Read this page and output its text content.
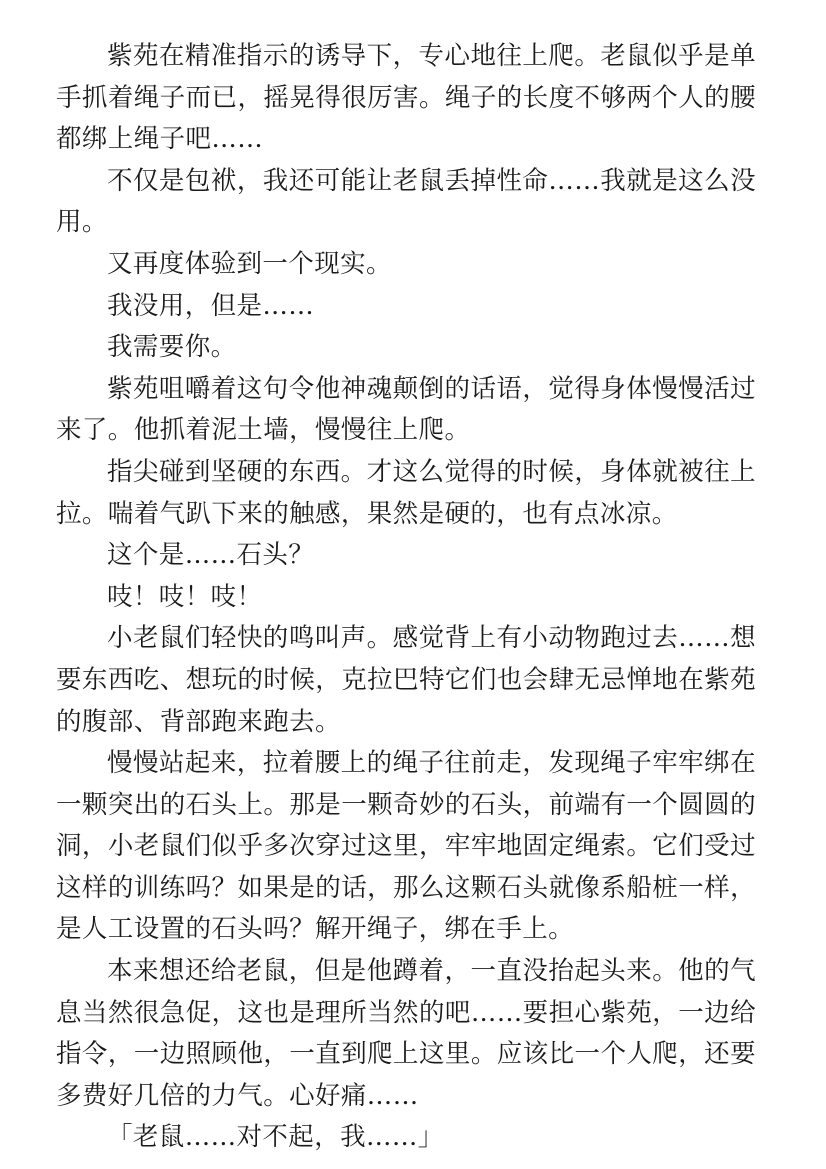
紫苑在精准指示的诱导下，专心地往上爬。老鼠似乎是单手抓着绳子而已，摇晃得很厉害。绳子的长度不够两个人的腰都绑上绳子吧……

不仅是包袱，我还可能让老鼠丢掉性命……我就是这么没用。

又再度体验到一个现实。

我没用，但是……

我需要你。

紫苑咀嚼着这句令他神魂颠倒的话语，觉得身体慢慢活过来了。他抓着泥土墙，慢慢往上爬。

指尖碰到坚硬的东西。才这么觉得的时候，身体就被往上拉。喘着气趴下来的触感，果然是硬的，也有点冰凉。

这个是……石头？

吱！吱！吱！

小老鼠们轻快的鸣叫声。感觉背上有小动物跑过去……想要东西吃、想玩的时候，克拉巴特它们也会肆无忌惮地在紫苑的腹部、背部跑来跑去。

慢慢站起来，拉着腰上的绳子往前走，发现绳子牢牢绑在一颗突出的石头上。那是一颗奇妙的石头，前端有一个圆圆的洞，小老鼠们似乎多次穿过这里，牢牢地固定绳索。它们受过这样的训练吗？如果是的话，那么这颗石头就像系船桩一样，是人工设置的石头吗？解开绳子，绑在手上。

本来想还给老鼠，但是他蹲着，一直没抬起头来。他的气息当然很急促，这也是理所当然的吧……要担心紫苑，一边给指令，一边照顾他，一直到爬上这里。应该比一个人爬，还要多费好几倍的力气。心好痛……

「老鼠……对不起，我……」
